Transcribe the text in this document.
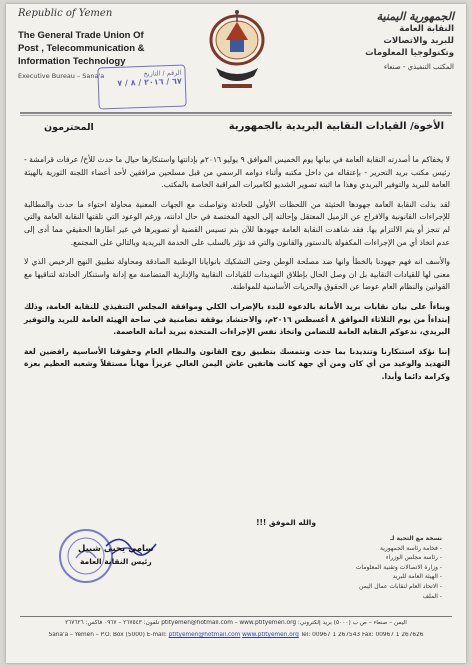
Republic of Yemen
The General Trade Union Of
Post , Telecommunication &
Information Technology
Executive Bureau – Sana'a
الجمهورية اليمنية
النقابة العامة
للبريد والاتصالات
وتكنولوجيا المعلومات
المكتب التنفيذي - صنعاء
الرقم / التاريخ
٦٧ / ٢٠١٦ / ٨ / ٧
الأخوة/ القيادات النقابية البريدية بالجمهورية
المحترمون

لا يخفاكم ما أصدرته النقابة العامة في بيانها يوم الخميس الموافق ٩ يوليو ٢٠١٦م بإدانتها واستنكارها حيال ما حدث للأخ/ عرفات قرامشة - رئيس مكتب بريد التحرير - بإعتقاله من داخل مكتبه وأثناء دوامه الرسمي من قبل مسلحين مرافقين لأحد أعضاء اللجنة الثورية بالهيئة العامة للبريد والتوفير البريدي وهذا ما اثبته تصوير الشديو لكاميرات المراقبة الخاصة بالمكتب.

لقد بذلت النقابة العامة جهودها الحثيثة من اللحظات الأولى للحادثة وتواصلت مع الجهات المعنية محاولة احتواء ما حدث والمطالبة للإجراءات القانونية والافراج عن الزميل المعتقل وإحالته إلى الجهة المختصة في حال ادانته، ورغم الوعود التي تلقتها النقابة العامة والتي لم تنجز أو يتم الالتزام بها. فقد شاهدت النقابة العامة جهودها للآن بتم تسيس القضية أو تصويرها في غير اطارها الحقيقي مما أدى إلى عدم اتخاذ أي من الإجراءات المكفولة بالدستور والقانون والتي قد تؤثر بالسلب على الخدمة البريدية وبالتالي على المجتمع.

والأسف انه فهم جهودنا بالخطأ وانها ضد مصلحة الوطن وحتى التشكيك بانوايانا الوطنية الصادقة ومحاولة تطبيق النهج الرخيص الذي لا معنى لها للقيادات النقابية بل ان وصل الحال بإطلاق التهديدات للقيادات النقابية والإدارية المتضامنة مع إدانة واستنكار الحادثة لتناقيها مع القوانين والنظام العام عوضا عن الحقوق والحريات الأساسية للمواطنة.

وبناءاً على بيان نقابات بريد الأمانة بالدعوة للبدء بالإضراب الكلي وموافقة المجلس التنفيذي للنقابة العامة، وذلك إبتداءاً من يوم الثلاثاء الموافق ٨ أغسطس ٢٠١٦م، والاحتشاد بوقفة تضامنية في ساحة الهيئة العامة للبريد والتوفير البريدي، ندعوكم النقابة العامة للتضامن واتخاذ نفس الإجراءات المتخذة ببريد أمانة العاصمة.

إننا نؤكد استنكارنا وتنديدنا بما حدث ونتمسك بتطبيق روح القانون والنظام العام وحقوقنا الأساسية رافضين لغة التهديد والوعيد من أي كان ومن أي جهة كانت هاتفين عاش اليمن الغالي عزيزاً مهاباً مستقلاً وشعبه العظيم بعزة وكرامة دائما وأبدا.

والله الموفق !!!
سامي يحيى شبيل
رئيس النقابة العامة
نسخة مع التحية لـ
- فخامة رئاسة الجمهورية
- رئاسة مجلس الوزراء
- وزارة الاتصالات وتقنية المعلومات
- الهيئة العامة للبريد
- الاتحاد العام لنقابات عمال اليمن
- الملف
اليمن – صنعاء – ص ب (٥٠٠٠) بريد إلكتروني: ptityemen@hotmail.com – www.ptityemen.org تلفون: ٢٦٧٥٤٣ – ٠٩٦٧ فاكس: ٢٦٧٦٢٦
Sana'a – Yemen – P.O. Box (5000) E-mail: ptityemen@hotmail.com www.ptityemen.org Tel: 00967 1 267543 Fax: 00967 1 267626
